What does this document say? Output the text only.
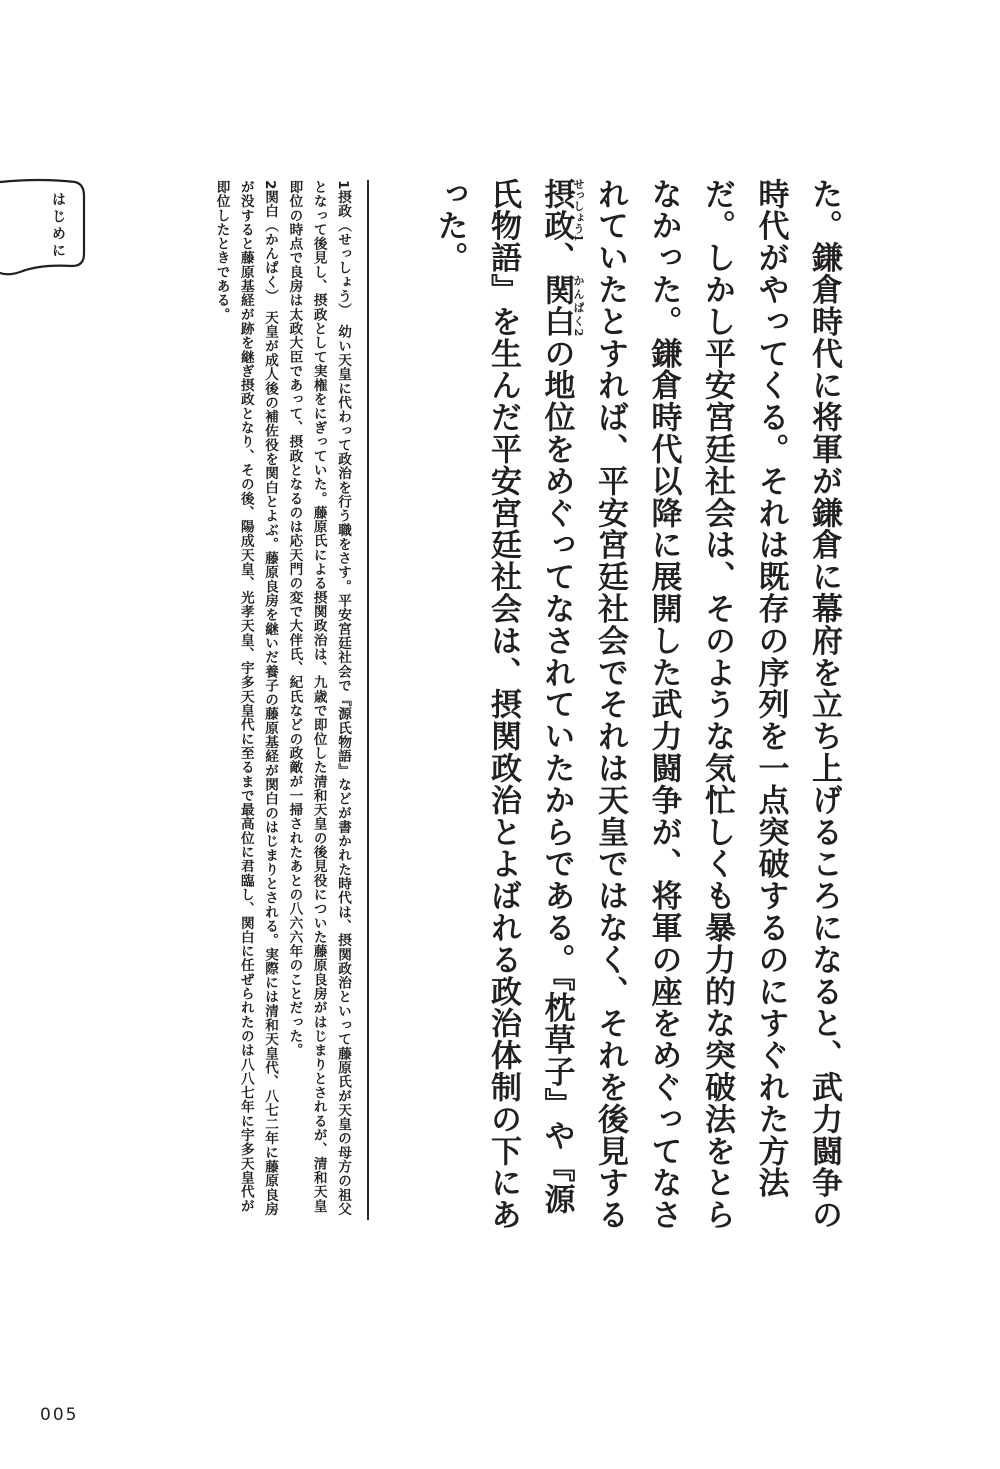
はじめに	た。鎌倉時代に将軍が鎌倉に幕府を立ち上げるころになると、武力闘争の時代がやってくる。それは既存の序列を一点突破するのにすぐれた方法だ。しかし平安宮廷社会は、そのような気忙しくも暴力的な突破法をとらなかった。鎌倉時代以降に展開した武力闘争が、将軍の座をめぐってなされていたとすれば、平安宮廷社会でそれは天皇ではなく、それを後見する摂政せっしょう1、関白かんぱく2の地位をめぐってなされていたからである。『枕草子』や『源氏物語』を生んだ平安宮廷社会は、摂関政治とよばれる政治体制の下にあった。

1摂政（せっしょう）　幼い天皇に代わって政治を行う職をさす。平安宮廷社会で『源氏物語』などが書かれた時代は、摂関政治といって藤原氏が天皇の母方の祖父となって後見し、摂政として実権をにぎっていた。藤原氏による摂関政治は、九歳で即位した清和天皇の後見役についた藤原良房がはじまりとされるが、清和天皇即位の時点で良房は太政大臣であって、摂政となるのは応天門の変で大伴氏、紀氏などの政敵が一掃されたあとの八六六年のことだった。

2関白（かんぱく）　天皇が成人後の補佐役を関白とよぶ。藤原良房を継いだ養子の藤原基経が関白のはじまりとされる。実際には清和天皇代、八七二年に藤原良房が没すると藤原基経が跡を継ぎ摂政となり、その後、陽成天皇、光孝天皇、宇多天皇代に至るまで最高位に君臨し、関白に任ぜられたのは八八七年に宇多天皇代が即位したときである。

005
